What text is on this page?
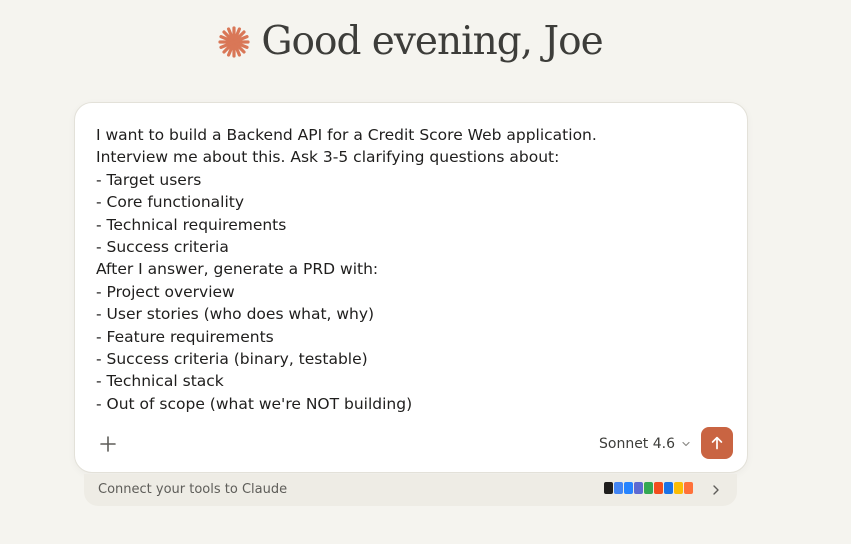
Good evening, Joe

I want to build a Backend API for a Credit Score Web application.
Interview me about this. Ask 3-5 clarifying questions about:
- Target users
- Core functionality
- Technical requirements
- Success criteria
After I answer, generate a PRD with:
- Project overview
- User stories (who does what, why)
- Feature requirements
- Success criteria (binary, testable)
- Technical stack
- Out of scope (what we're NOT building)

Sonnet 4.6
Connect your tools to Claude
